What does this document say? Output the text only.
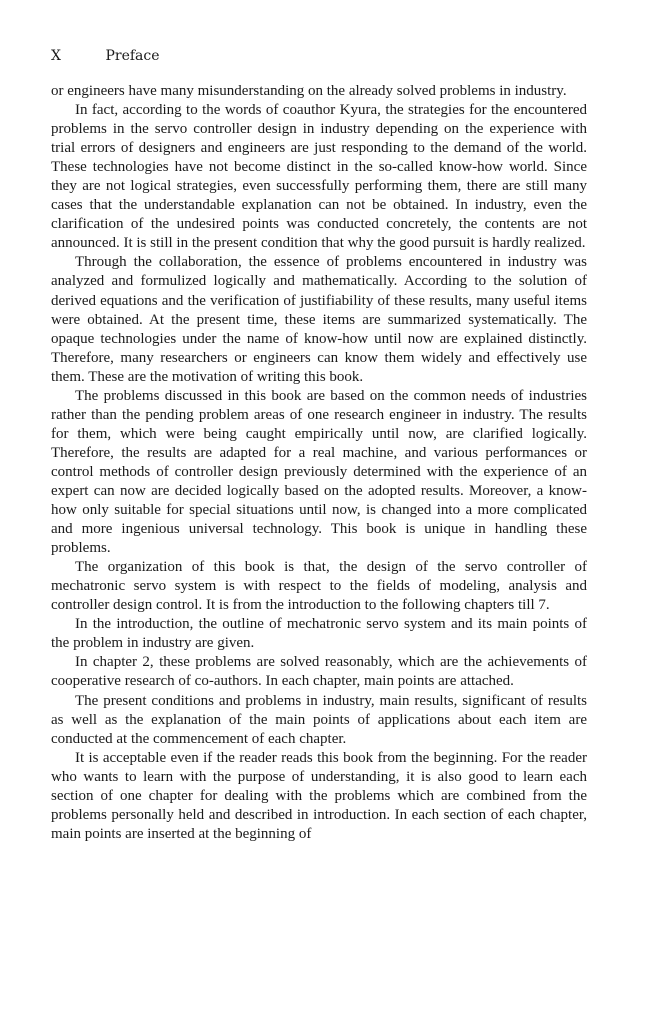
X	Preface

or engineers have many misunderstanding on the already solved problems in industry.

In fact, according to the words of coauthor Kyura, the strategies for the encountered problems in the servo controller design in industry depending on the experience with trial errors of designers and engineers are just responding to the demand of the world. These technologies have not become distinct in the so-called know-how world. Since they are not logical strategies, even successfully performing them, there are still many cases that the understandable explanation can not be obtained. In industry, even the clarification of the undesired points was conducted concretely, the contents are not announced. It is still in the present condition that why the good pursuit is hardly realized.

Through the collaboration, the essence of problems encountered in industry was analyzed and formulized logically and mathematically. According to the solution of derived equations and the verification of justifiability of these results, many useful items were obtained. At the present time, these items are summarized systematically. The opaque technologies under the name of know-how until now are explained distinctly. Therefore, many researchers or engineers can know them widely and effectively use them. These are the motivation of writing this book.

The problems discussed in this book are based on the common needs of industries rather than the pending problem areas of one research engineer in industry. The results for them, which were being caught empirically until now, are clarified logically. Therefore, the results are adapted for a real machine, and various performances or control methods of controller design previously determined with the experience of an expert can now are decided logically based on the adopted results. Moreover, a know-how only suitable for special situations until now, is changed into a more complicated and more ingenious universal technology. This book is unique in handling these problems.

The organization of this book is that, the design of the servo controller of mechatronic servo system is with respect to the fields of modeling, analysis and controller design control. It is from the introduction to the following chapters till 7.

In the introduction, the outline of mechatronic servo system and its main points of the problem in industry are given.

In chapter 2, these problems are solved reasonably, which are the achievements of cooperative research of co-authors. In each chapter, main points are attached.

The present conditions and problems in industry, main results, significant of results as well as the explanation of the main points of applications about each item are conducted at the commencement of each chapter.

It is acceptable even if the reader reads this book from the beginning. For the reader who wants to learn with the purpose of understanding, it is also good to learn each section of one chapter for dealing with the problems which are combined from the problems personally held and described in introduction. In each section of each chapter, main points are inserted at the beginning of
